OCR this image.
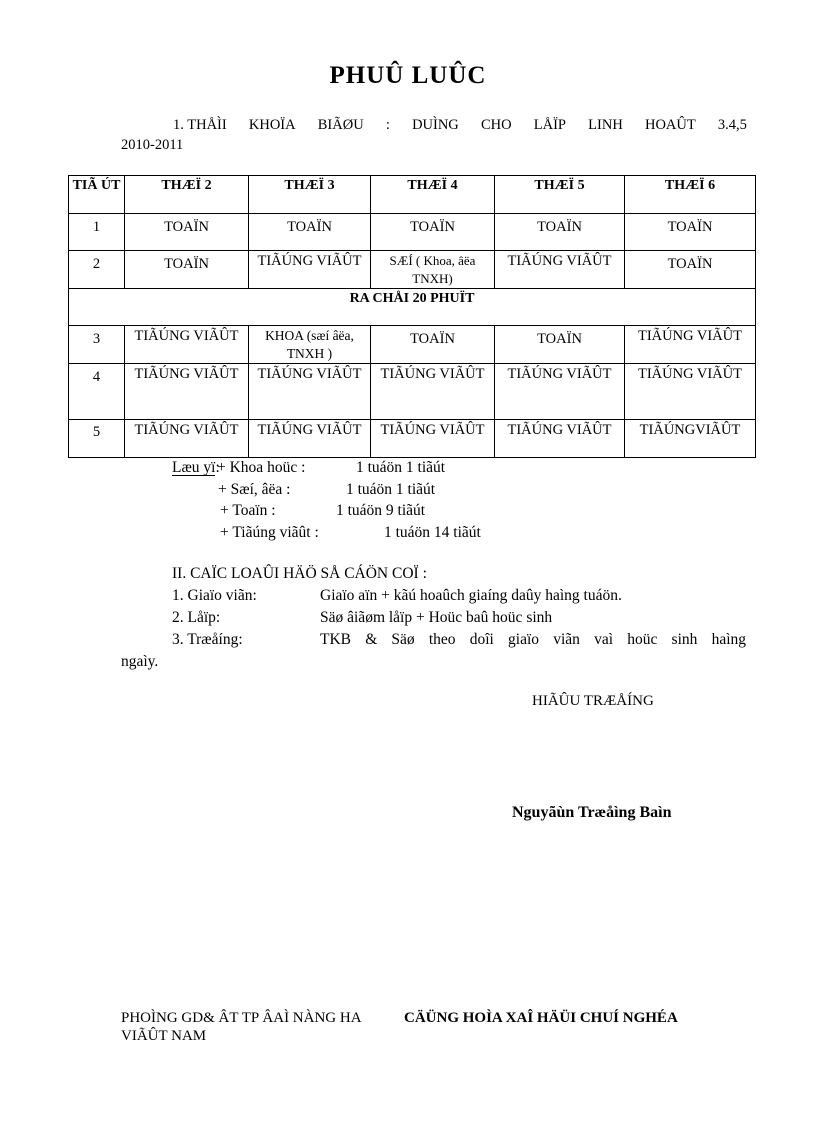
PHUÛ LUÛC
1. THÅÌI KHOÏA BIÃØU : DUÌNG CHO LÅÏP LINH HOAÛT 3.4,5
2010-2011
TIÃ ÚT	THÆÏ 2	THÆÏ 3	THÆÏ 4	THÆÏ 5	THÆÏ 6
1	TOAÏN	TOAÏN	TOAÏN	TOAÏN	TOAÏN
2	TOAÏN	TIÃÚNG VIÃÛT	SÆÍ ( Khoa, âëa TNXH)	TIÃÚNG VIÃÛT	TOAÏN
RA CHÅI 20 PHUÏT					
3	TIÃÚNG VIÃÛT	KHOA (sæí âëa, TNXH )	TOAÏN	TOAÏN	TIÃÚNG VIÃÛT
4	TIÃÚNG VIÃÛT	TIÃÚNG VIÃÛT	TIÃÚNG VIÃÛT	TIÃÚNG VIÃÛT	TIÃÚNG VIÃÛT
5	TIÃÚNG VIÃÛT	TIÃÚNG VIÃÛT	TIÃÚNG VIÃÛT	TIÃÚNG VIÃÛT	TIÃÚNGVIÃÛT
Læu yï:
+ Khoa hoüc :	1 tuáön 1 tiãút
+ Sæí, âëa :	1 tuáön 1 tiãút
+ Toaïn :	1 tuáön 9 tiãút
+ Tiãúng viãût :	1 tuáön 14 tiãút
II. CAÏC LOAÛI HÄÖ SÅ CÁÖN COÏ :
1. Giaïo viãn:	Giaïo aïn + kãú hoaûch giaíng daûy haìng tuáön.
2. Låïp:	Säø âiãøm låïp + Hoüc baû hoüc sinh
3. Træåíng:	TKB & Säø theo doîi giaïo viãn vaì hoüc sinh haìng
ngaìy.
HIÃÛU TRÆÅÍNG
Nguyãùn Træåìng Baìn
PHOÌNG GD& ÂT TP ÂAÌ NÀNG HA
VIÃÛT NAM
CÄÜNG HOÌA XAÎ HÄÜI CHUÍ NGHÉA
